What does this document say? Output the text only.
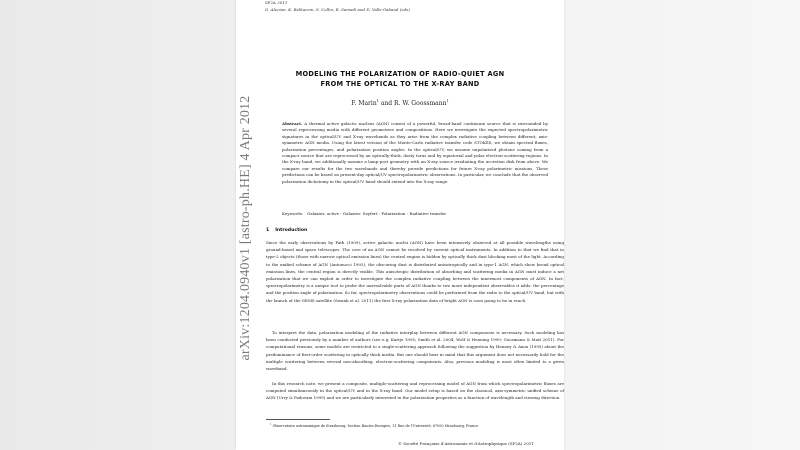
SF2A 2011
G. Alecian, K. Belkacem, S. Collin, R. Samadi and D. Valls-Gabaud (eds)
arXiv:1204.0940v1 [astro-ph.HE] 4 Apr 2012
MODELING THE POLARIZATION OF RADIO-QUIET AGN
FROM THE OPTICAL TO THE X-RAY BAND
F. Marin$^1$ and R. W. Goossmann$^1$

Abstract. A thermal active galactic nucleus (AGN) consist of a powerful, broad-band continuum source that is surrounded by several reprocessing media with different geometries and compositions. Here we investigate the expected spectropolarimetric signatures in the optical/UV and X-ray wavebands as they arise from the complex radiative coupling between different, axis-symmetric AGN media. Using the latest version of the Monte-Carlo radiative transfer code STOKES, we obtain spectral fluxes, polarization percentages, and polarization position angles. In the optical/UV, we assume unpolarized photons coming from a compact source that are reprocessed by an optically-thick, dusty torus and by equatorial and polar electron-scattering regions. In the X-ray band, we additionally assume a lamp-post geometry with an X-ray source irradiating the accretion disk from above. We compare our results for the two wavebands and thereby provide predictions for future X-ray polarimetric missions. These predictions can be based on present-day optical/UV spectropolarimetric observations. In particular, we conclude that the observed polarization dichotomy in the optical/UV band should extend into the X-ray range.

Keywords: Galaxies: active - Galaxies: Seyfert - Polarization - Radiative transfer
1 Introduction

Since the early observations by Fath (1909), active galactic nuclei (AGN) have been intensively observed at all possible wavelengths using ground-based and space telescopes. The core of an AGN cannot be resolved by current optical instruments. In addition to that we find that in type-2 objects (those with narrow optical emission lines) the central engine is hidden by optically thick dust blocking most of the light. According to the unified scheme of AGN (Antonucci 1993), the obscuring dust is distributed anisotropically and in type-1 AGN, which show broad optical emission lines, the central region is directly visible. This anisotropic distribution of absorbing and scattering media in AGN must induce a net polarization that we can exploit in order to investigate the complex radiative coupling between the innermost components of AGN. In fact, spectropolarimetry is a unique tool to probe the unresolvable parts of AGN thanks to two more independent observables it adds: the percentage and the position angle of polarization. So far, spectropolarimetry observations could be performed from the radio to the optical/UV band, but with the launch of the GEMS satellite (Swank et al. 2011) the first X-ray polarization data of bright AGN is soon going to be in reach.

To interpret the data, polarization modeling of the radiative interplay between different AGN components is necessary. Such modeling has been conducted previously by a number of authors (see e.g. Kartje 1995; Smith et al. 2004; Wolf & Henning 1999; Goosmann & Matt 2011). For computational reasons, some models are restricted to a single-scattering approach following the suggestion by Henney & Axon (1995) about the predominance of first-order scattering in optically thick media. But one should bear in mind that this argument does not necessarily hold for the multiple scattering between several non-absorbing, electron-scattering components. Also, previous modeling is most often limited to a given waveband.

In this research note, we present a composite, multiple-scattering and reprocessing model of AGN from which spectropolarimetric fluxes are computed simultaneously in the optical/UV and in the X-ray band. Our model setup is based on the classical, axis-symmetric unified scheme of AGN (Urry & Padovani 1995) and we are particularly interested in the polarization properties as a function of wavelength and viewing direction.

$^1$ Observatoire astronomique de Strasbourg, Section Hautes Energies, 11 Rue de l'Université, 67000 Strasbourg, France
© Société Française d'Astronomie et d'Astrophysique (SF2A) 2011
